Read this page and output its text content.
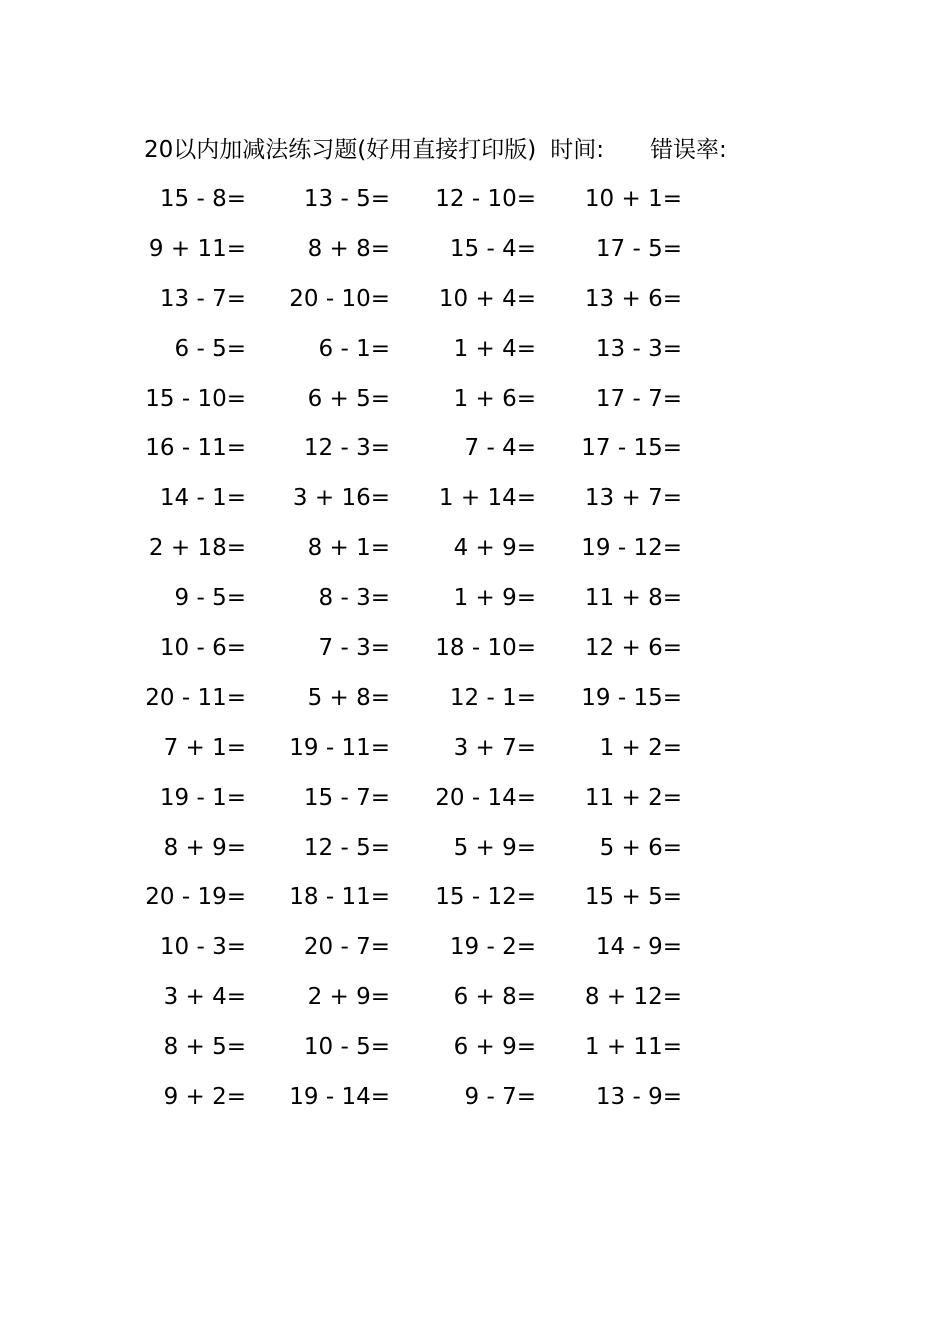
20以内加减法练习题(好用直接打印版) 时间: 错误率:
15 - 8=	13 - 5=	12 - 10=	10 + 1=
9 + 11=	8 + 8=	15 - 4=	17 - 5=
13 - 7=	20 - 10=	10 + 4=	13 + 6=
6 - 5=	6 - 1=	1 + 4=	13 - 3=
15 - 10=	6 + 5=	1 + 6=	17 - 7=
16 - 11=	12 - 3=	7 - 4=	17 - 15=
14 - 1=	3 + 16=	1 + 14=	13 + 7=
2 + 18=	8 + 1=	4 + 9=	19 - 12=
9 - 5=	8 - 3=	1 + 9=	11 + 8=
10 - 6=	7 - 3=	18 - 10=	12 + 6=
20 - 11=	5 + 8=	12 - 1=	19 - 15=
7 + 1=	19 - 11=	3 + 7=	1 + 2=
19 - 1=	15 - 7=	20 - 14=	11 + 2=
8 + 9=	12 - 5=	5 + 9=	5 + 6=
20 - 19=	18 - 11=	15 - 12=	15 + 5=
10 - 3=	20 - 7=	19 - 2=	14 - 9=
3 + 4=	2 + 9=	6 + 8=	8 + 12=
8 + 5=	10 - 5=	6 + 9=	1 + 11=
9 + 2=	19 - 14=	9 - 7=	13 - 9=
